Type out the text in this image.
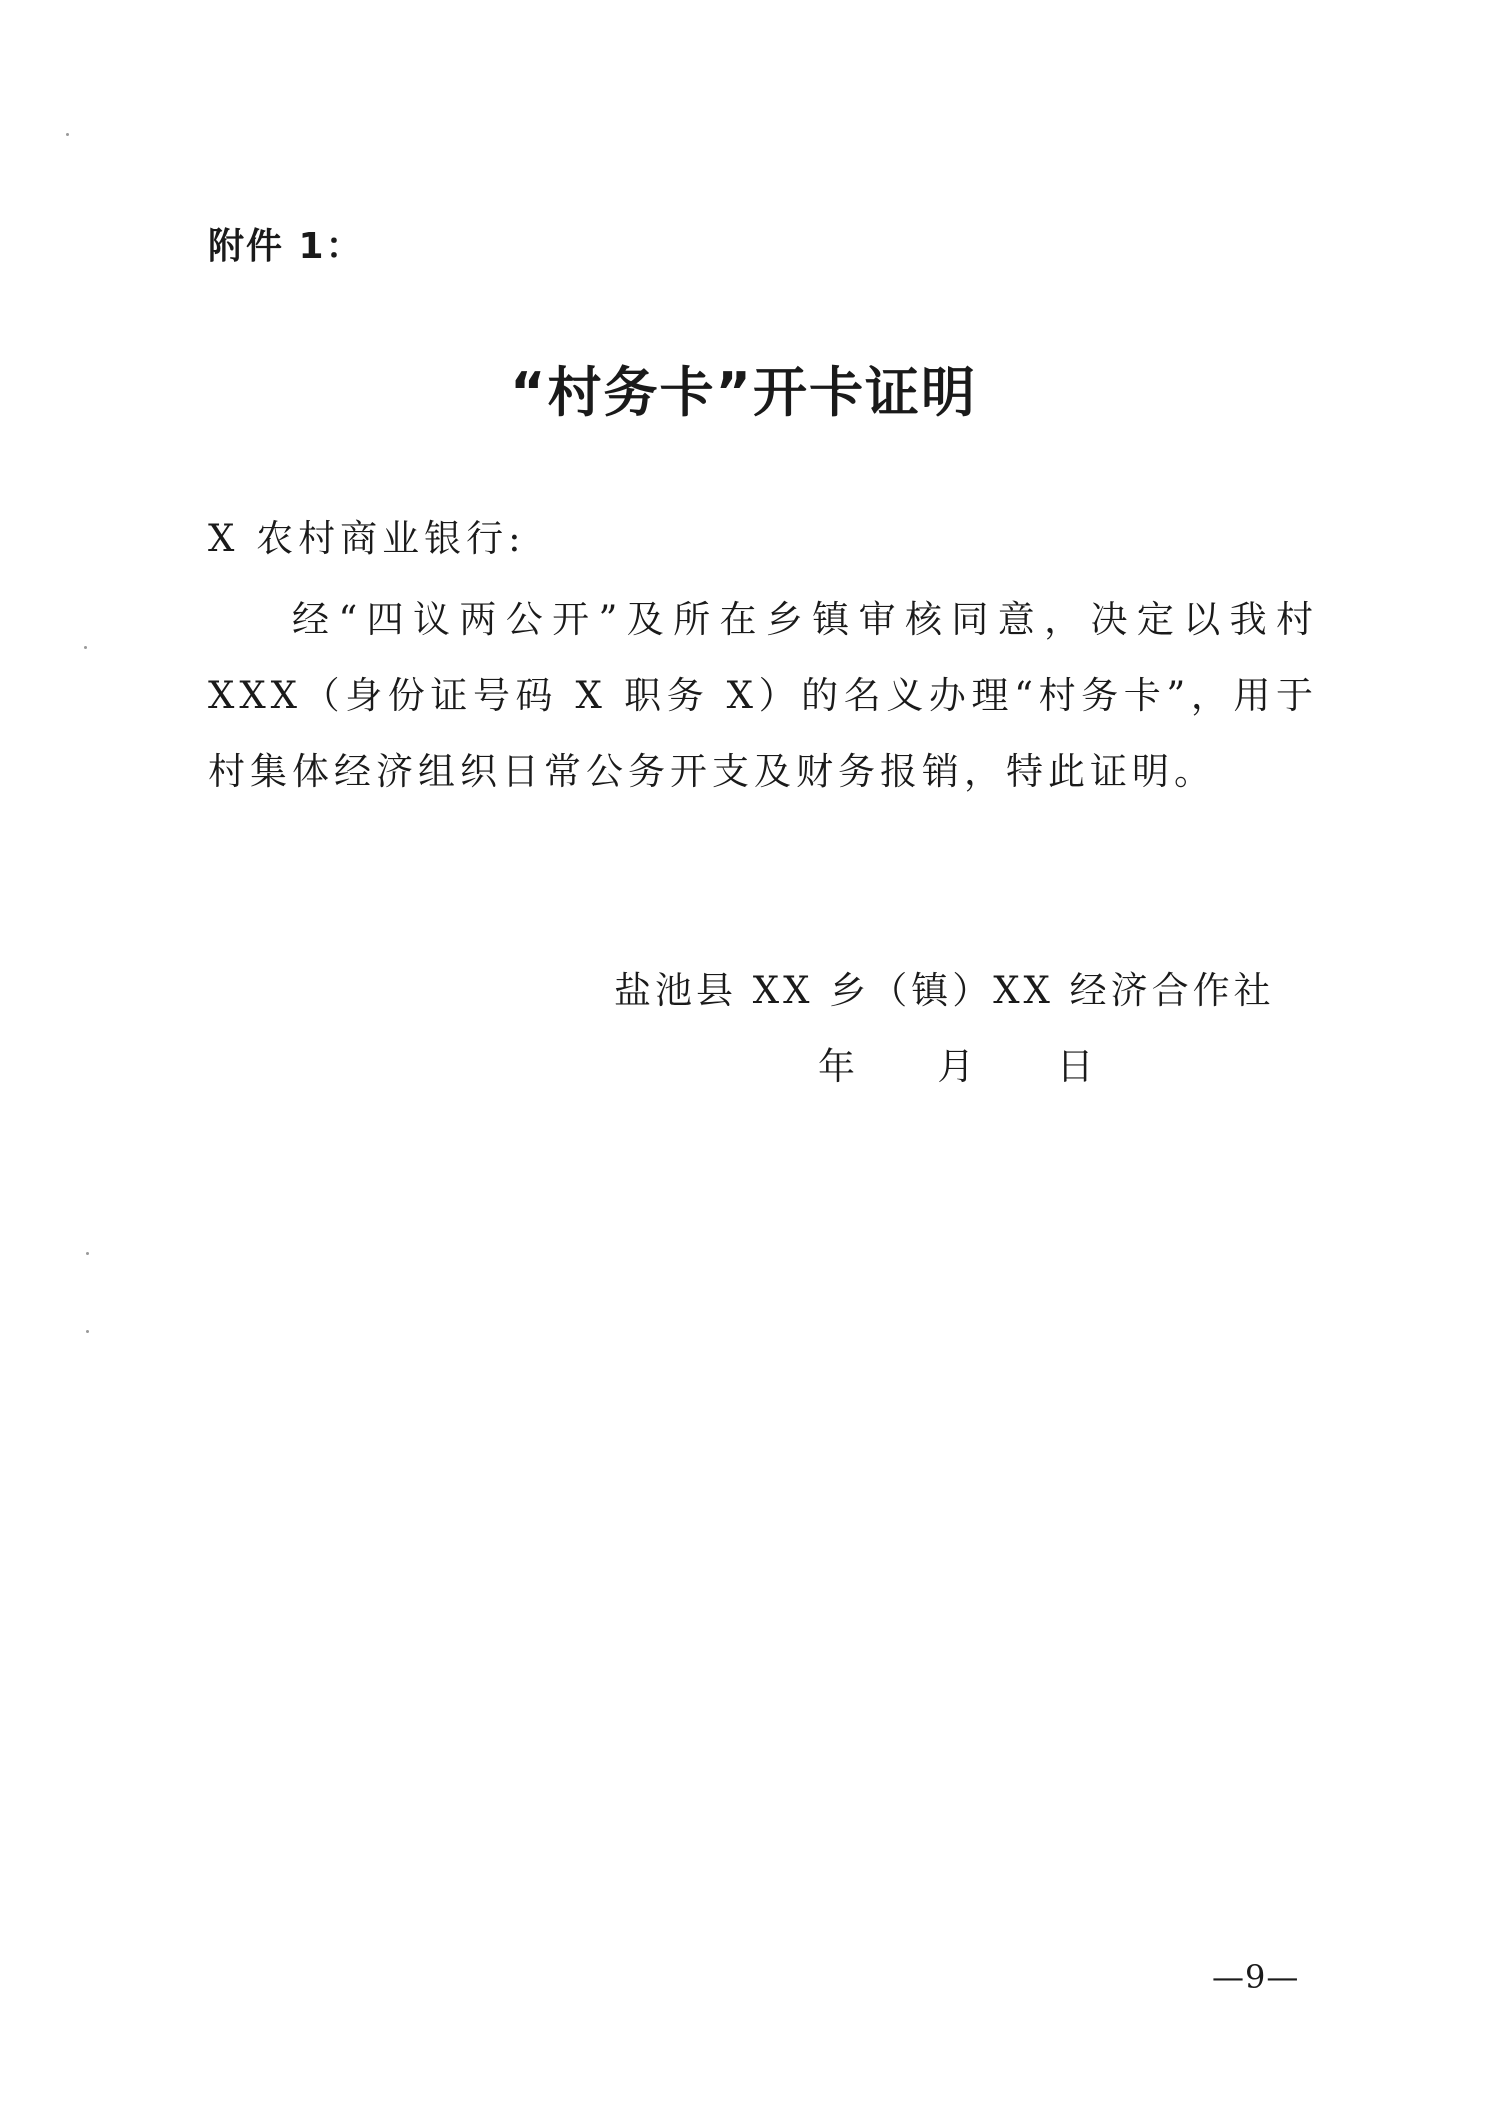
附件 1：
“村务卡”开卡证明
X 农村商业银行:

经“四议两公开”及所在乡镇审核同意，决定以我村 XXX（身份证号码 X 职务 X）的名义办理“村务卡”，用于村集体经济组织日常公务开支及财务报销，特此证明。

盐池县 XX 乡（镇）XX 经济合作社
年       月       日
—9—
